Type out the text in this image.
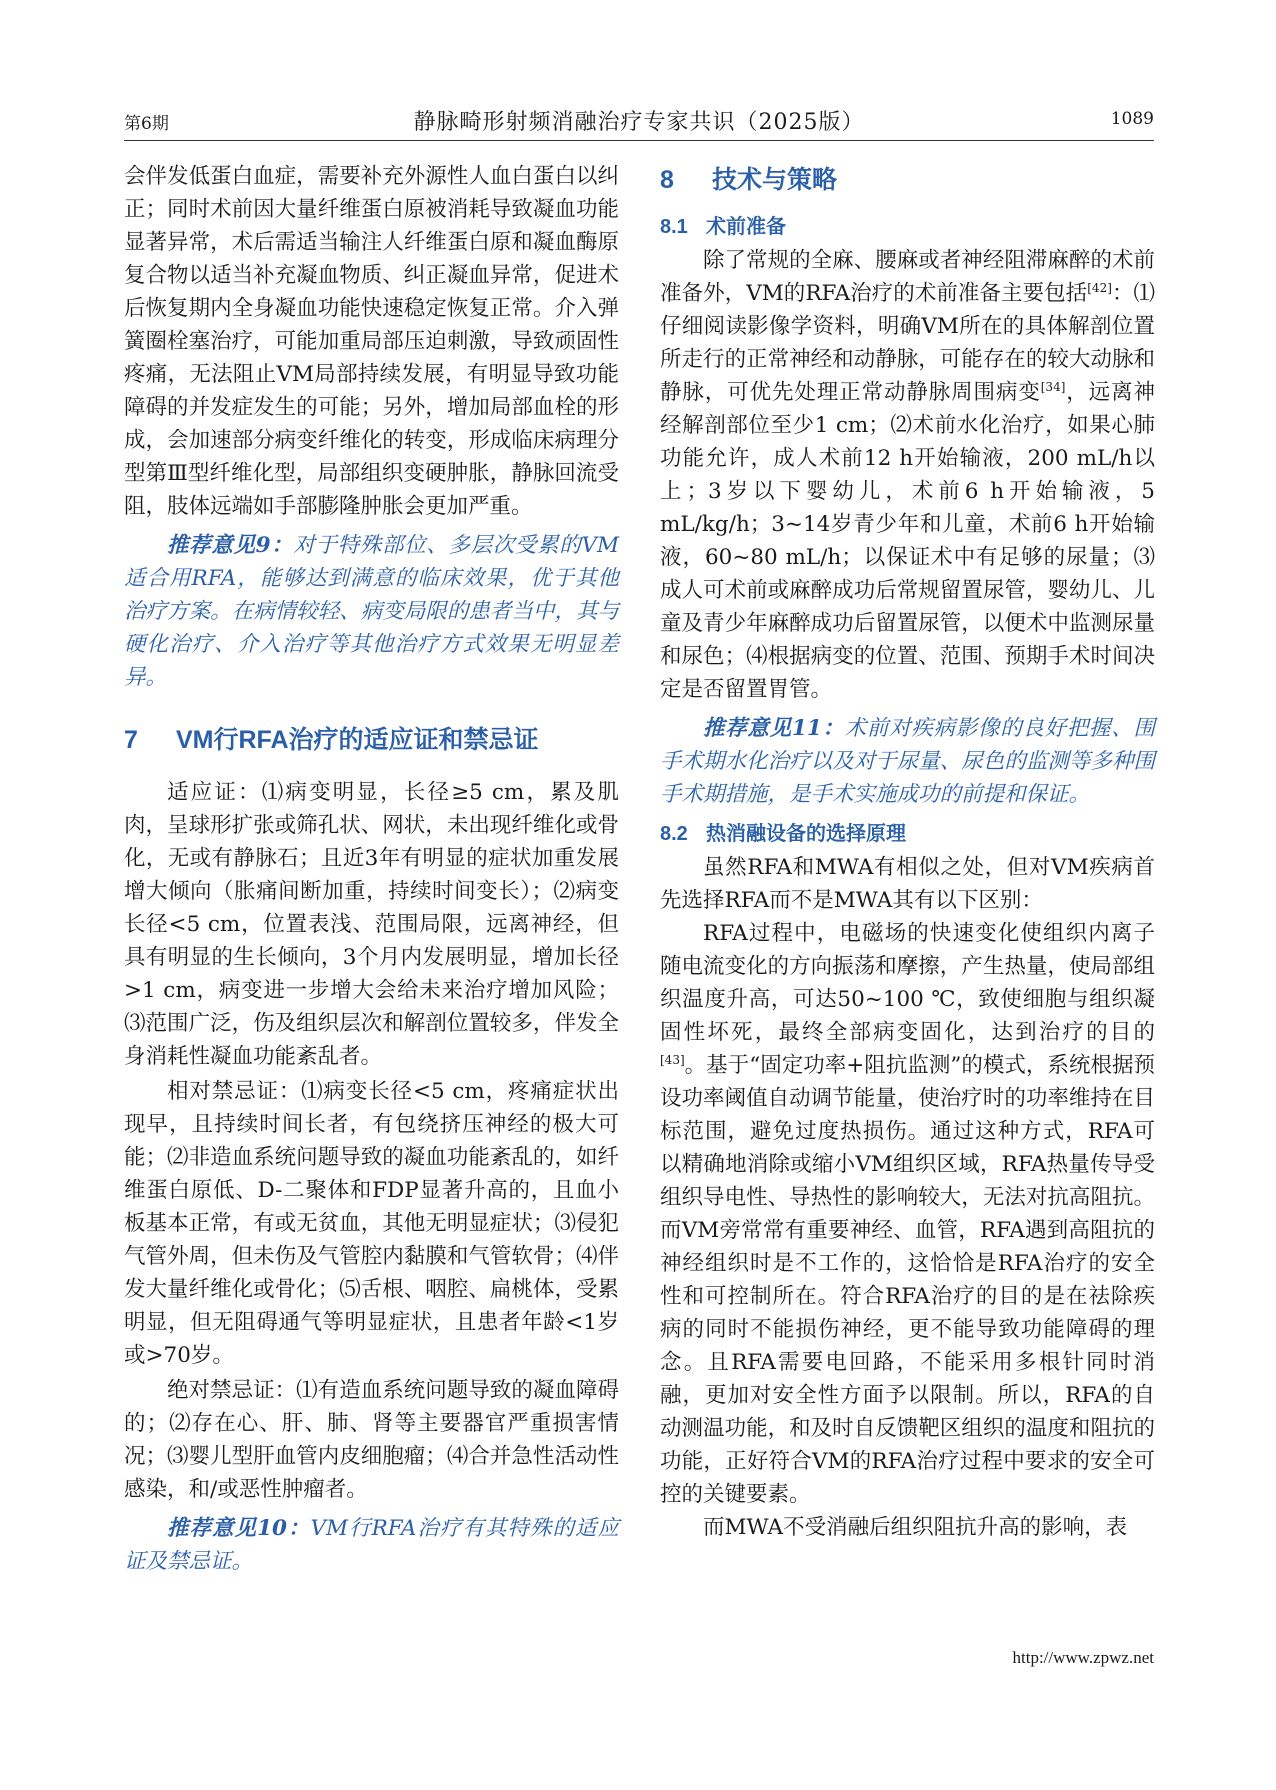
第6期	静脉畸形射频消融治疗专家共识（2025版）	1089

会伴发低蛋白血症，需要补充外源性人血白蛋白以纠正；同时术前因大量纤维蛋白原被消耗导致凝血功能显著异常，术后需适当输注人纤维蛋白原和凝血酶原复合物以适当补充凝血物质、纠正凝血异常，促进术后恢复期内全身凝血功能快速稳定恢复正常。介入弹簧圈栓塞治疗，可能加重局部压迫刺激，导致顽固性疼痛，无法阻止VM局部持续发展，有明显导致功能障碍的并发症发生的可能；另外，增加局部血栓的形成，会加速部分病变纤维化的转变，形成临床病理分型第Ⅲ型纤维化型，局部组织变硬肿胀，静脉回流受阻，肢体远端如手部膨隆肿胀会更加严重。

推荐意见9：对于特殊部位、多层次受累的VM适合用RFA，能够达到满意的临床效果，优于其他治疗方案。在病情较轻、病变局限的患者当中，其与硬化治疗、介入治疗等其他治疗方式效果无明显差异。

7 VM行RFA治疗的适应证和禁忌证

适应证：⑴病变明显，长径≥5 cm，累及肌肉，呈球形扩张或筛孔状、网状，未出现纤维化或骨化，无或有静脉石；且近3年有明显的症状加重发展增大倾向（胀痛间断加重，持续时间变长）；⑵病变长径<5 cm，位置表浅、范围局限，远离神经，但具有明显的生长倾向，3个月内发展明显，增加长径>1 cm，病变进一步增大会给未来治疗增加风险；⑶范围广泛，伤及组织层次和解剖位置较多，伴发全身消耗性凝血功能紊乱者。

相对禁忌证：⑴病变长径<5 cm，疼痛症状出现早，且持续时间长者，有包绕挤压神经的极大可能；⑵非造血系统问题导致的凝血功能紊乱的，如纤维蛋白原低、D-二聚体和FDP显著升高的，且血小板基本正常，有或无贫血，其他无明显症状；⑶侵犯气管外周，但未伤及气管腔内黏膜和气管软骨；⑷伴发大量纤维化或骨化；⑸舌根、咽腔、扁桃体，受累明显，但无阻碍通气等明显症状，且患者年龄<1岁或>70岁。

绝对禁忌证：⑴有造血系统问题导致的凝血障碍的；⑵存在心、肝、肺、肾等主要器官严重损害情况；⑶婴儿型肝血管内皮细胞瘤；⑷合并急性活动性感染，和/或恶性肿瘤者。

推荐意见10：VM行RFA治疗有其特殊的适应证及禁忌证。

8 技术与策略
8.1 术前准备

除了常规的全麻、腰麻或者神经阻滞麻醉的术前准备外，VM的RFA治疗的术前准备主要包括[42]：⑴仔细阅读影像学资料，明确VM所在的具体解剖位置所走行的正常神经和动静脉，可能存在的较大动脉和静脉，可优先处理正常动静脉周围病变[34]，远离神经解剖部位至少1 cm；⑵术前水化治疗，如果心肺功能允许，成人术前12 h开始输液，200 mL/h以上；3岁以下婴幼儿，术前6 h开始输液，5 mL/kg/h；3~14岁青少年和儿童，术前6 h开始输液，60~80 mL/h；以保证术中有足够的尿量；⑶成人可术前或麻醉成功后常规留置尿管，婴幼儿、儿童及青少年麻醉成功后留置尿管，以便术中监测尿量和尿色；⑷根据病变的位置、范围、预期手术时间决定是否留置胃管。

推荐意见11：术前对疾病影像的良好把握、围手术期水化治疗以及对于尿量、尿色的监测等多种围手术期措施，是手术实施成功的前提和保证。

8.2 热消融设备的选择原理

虽然RFA和MWA有相似之处，但对VM疾病首先选择RFA而不是MWA其有以下区别：

RFA过程中，电磁场的快速变化使组织内离子随电流变化的方向振荡和摩擦，产生热量，使局部组织温度升高，可达50~100 ℃，致使细胞与组织凝固性坏死，最终全部病变固化，达到治疗的目的[43]。基于“固定功率+阻抗监测”的模式，系统根据预设功率阈值自动调节能量，使治疗时的功率维持在目标范围，避免过度热损伤。通过这种方式，RFA可以精确地消除或缩小VM组织区域，RFA热量传导受组织导电性、导热性的影响较大，无法对抗高阻抗。而VM旁常常有重要神经、血管，RFA遇到高阻抗的神经组织时是不工作的，这恰恰是RFA治疗的安全性和可控制所在。符合RFA治疗的目的是在祛除疾病的同时不能损伤神经，更不能导致功能障碍的理念。且RFA需要电回路，不能采用多根针同时消融，更加对安全性方面予以限制。所以，RFA的自动测温功能，和及时自反馈靶区组织的温度和阻抗的功能，正好符合VM的RFA治疗过程中要求的安全可控的关键要素。

而MWA不受消融后组织阻抗升高的影响，表

http://www.zpwz.net
